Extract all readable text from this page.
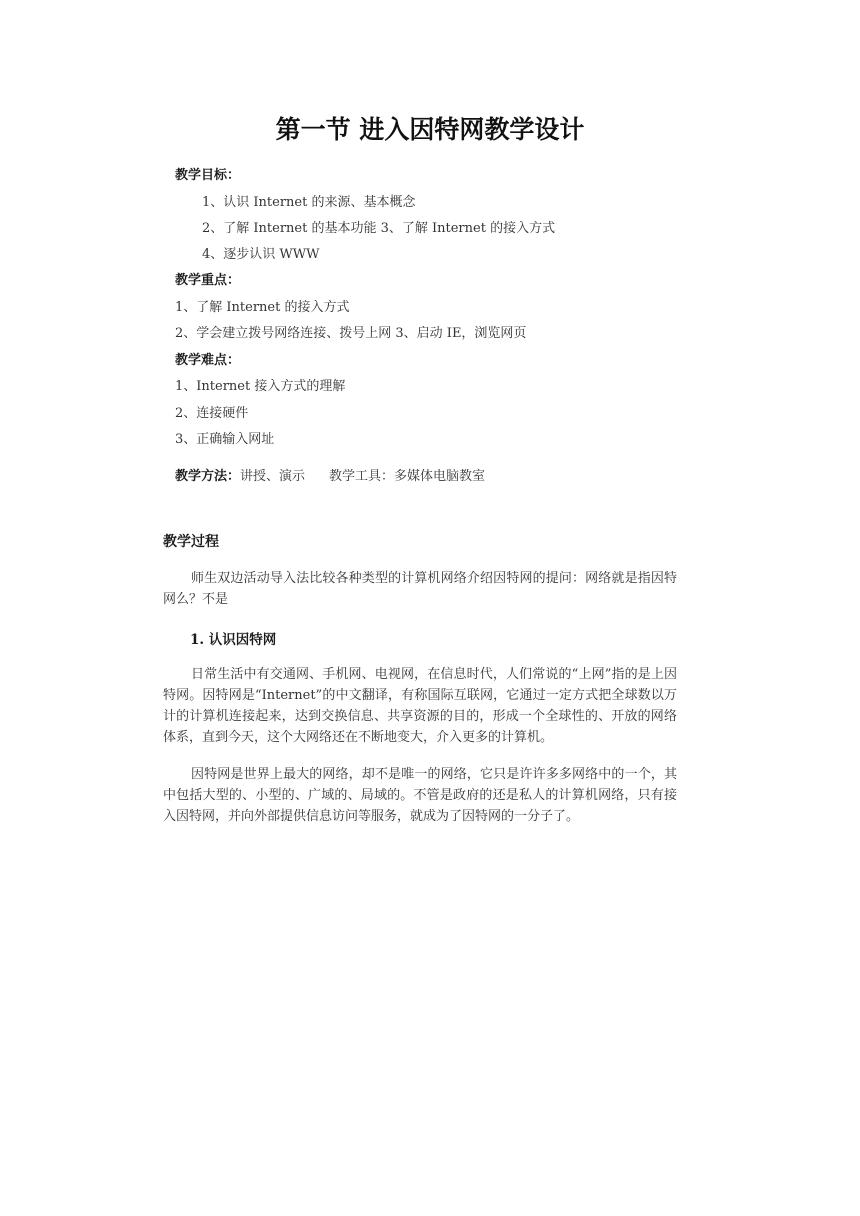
第一节 进入因特网教学设计
教学目标：
1、认识 Internet 的来源、基本概念
2、了解 Internet 的基本功能 3、了解 Internet 的接入方式
4、逐步认识 WWW
教学重点：
1、了解 Internet 的接入方式
2、学会建立拨号网络连接、拨号上网 3、启动 IE，浏览网页
教学难点：
1、Internet 接入方式的理解
2、连接硬件
3、正确输入网址
教学方法：讲授、演示 教学工具：多媒体电脑教室
教学过程
师生双边活动导入法比较各种类型的计算机网络介绍因特网的提问：网络就是指因特网么？不是
1. 认识因特网
日常生活中有交通网、手机网、电视网，在信息时代，人们常说的“上网”指的是上因特网。因特网是“Internet”的中文翻译，有称国际互联网，它通过一定方式把全球数以万计的计算机连接起来，达到交换信息、共享资源的目的，形成一个全球性的、开放的网络体系，直到今天，这个大网络还在不断地变大，介入更多的计算机。
因特网是世界上最大的网络，却不是唯一的网络，它只是许许多多网络中的一个，其中包括大型的、小型的、广域的、局域的。不管是政府的还是私人的计算机网络，只有接入因特网，并向外部提供信息访问等服务，就成为了因特网的一分子了。
